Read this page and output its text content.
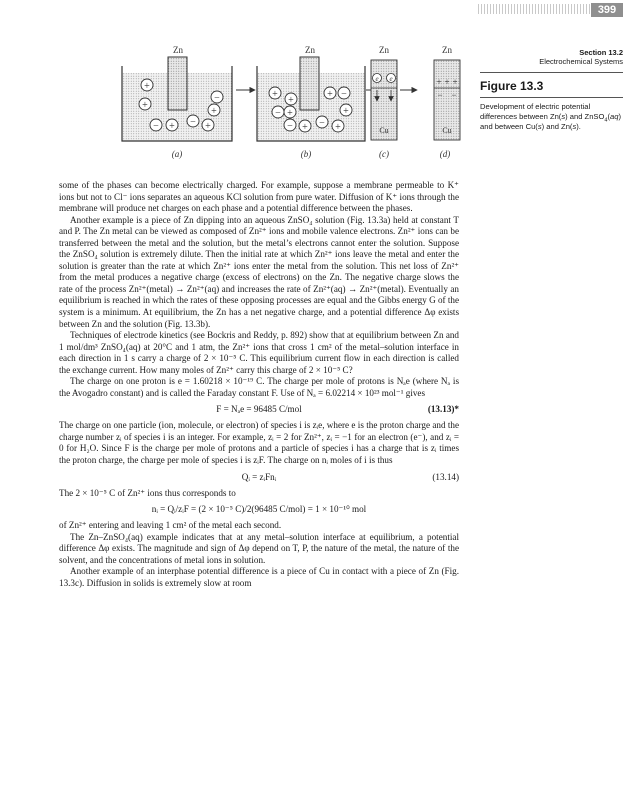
399
Section 13.2
Electrochemical Systems
Figure 13.3
Development of electric potential differences between Zn(s) and ZnSO$_4$(aq) and between Cu(s) and Zn(s).
Zn
+
+
+
− + − +
−
(a)
Zn
+
+
+
−
+ −
+
− + − +
(b)
Zn
e e
Cu
(c)
Zn
+ + +
− −
Cu
(d)

some of the phases can become electrically charged. For example, suppose a membrane permeable to K⁺ ions but not to Cl⁻ ions separates an aqueous KCl solution from pure water. Diffusion of K⁺ ions through the membrane will produce net charges on each phase and a potential difference between the phases.

Another example is a piece of Zn dipping into an aqueous ZnSO₄ solution (Fig. 13.3a) held at constant T and P. The Zn metal can be viewed as composed of Zn²⁺ ions and mobile valence electrons. Zn²⁺ ions can be transferred between the metal and the solution, but the metal’s electrons cannot enter the solution. Suppose the ZnSO₄ solution is extremely dilute. Then the initial rate at which Zn²⁺ ions leave the metal and enter the solution is greater than the rate at which Zn²⁺ ions enter the metal from the solution. This net loss of Zn²⁺ from the metal produces a negative charge (excess of electrons) on the Zn. The negative charge slows the rate of the process Zn²⁺(metal) → Zn²⁺(aq) and increases the rate of Zn²⁺(aq) → Zn²⁺(metal). Eventually an equilibrium is reached in which the rates of these opposing processes are equal and the Gibbs energy G of the system is a minimum. At equilibrium, the Zn has a net negative charge, and a potential difference Δφ exists between Zn and the solution (Fig. 13.3b).

Techniques of electrode kinetics (see Bockris and Reddy, p. 892) show that at equilibrium between Zn and 1 mol/dm³ ZnSO₄(aq) at 20°C and 1 atm, the Zn²⁺ ions that cross 1 cm² of the metal–solution interface in each direction in 1 s carry a charge of 2 × 10⁻⁵ C. This equilibrium current flow in each direction is called the exchange current. How many moles of Zn²⁺ carry this charge of 2 × 10⁻⁵ C?

The charge on one proton is e = 1.60218 × 10⁻¹⁹ C. The charge per mole of protons is Nₐe (where Nₐ is the Avogadro constant) and is called the Faraday constant F. Use of Nₐ = 6.02214 × 10²³ mol⁻¹ gives

F = Nₐe = 96485 C/mol	(13.13)*

The charge on one particle (ion, molecule, or electron) of species i is zᵢe, where e is the proton charge and the charge number zᵢ of species i is an integer. For example, zᵢ = 2 for Zn²⁺, zᵢ = −1 for an electron (e⁻), and zᵢ = 0 for H₂O. Since F is the charge per mole of protons and a particle of species i has a charge that is zᵢ times the proton charge, the charge per mole of species i is zᵢF. The charge on nᵢ moles of i is thus

Qᵢ = zᵢFnᵢ	(13.14)

The 2 × 10⁻⁵ C of Zn²⁺ ions thus corresponds to

nᵢ = Qᵢ/zᵢF = (2 × 10⁻⁵ C)/2(96485 C/mol) = 1 × 10⁻¹⁰ mol

of Zn²⁺ entering and leaving 1 cm² of the metal each second.

The Zn–ZnSO₄(aq) example indicates that at any metal–solution interface at equilibrium, a potential difference Δφ exists. The magnitude and sign of Δφ depend on T, P, the nature of the metal, the nature of the solvent, and the concentrations of metal ions in solution.

Another example of an interphase potential difference is a piece of Cu in contact with a piece of Zn (Fig. 13.3c). Diffusion in solids is extremely slow at room
